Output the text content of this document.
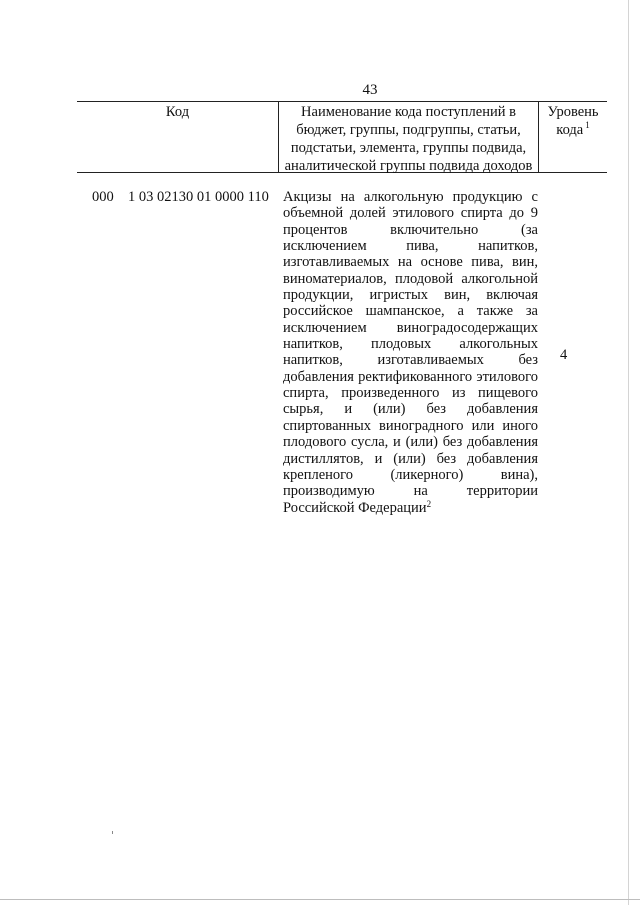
43
Код	Наименование кода поступлений в бюджет, группы, подгруппы, статьи, подстатьи, элемента, группы подвида, аналитической группы подвида доходов
Уровень кода $^1$
000 1 03 02130 01 0000 110 Акцизы на алкогольную продукцию с объемной долей этилового спирта до 9 процентов включительно (за исключением пива, напитков, изготавливаемых на основе пива, вин, виноматериалов, плодовой алкогольной продукции, игристых вин, включая российское шампанское, а также за исключением виноградосодержащих напитков, плодовых алкогольных напитков, изготавливаемых без добавления ректификованного этилового спирта, произведенного из пищевого сырья, и (или) без добавления спиртованных виноградного или иного плодового сусла, и (или) без добавления дистиллятов, и (или) без добавления крепленого (ликерного) вина), производимую на территории Российской Федерации$^2$
4
